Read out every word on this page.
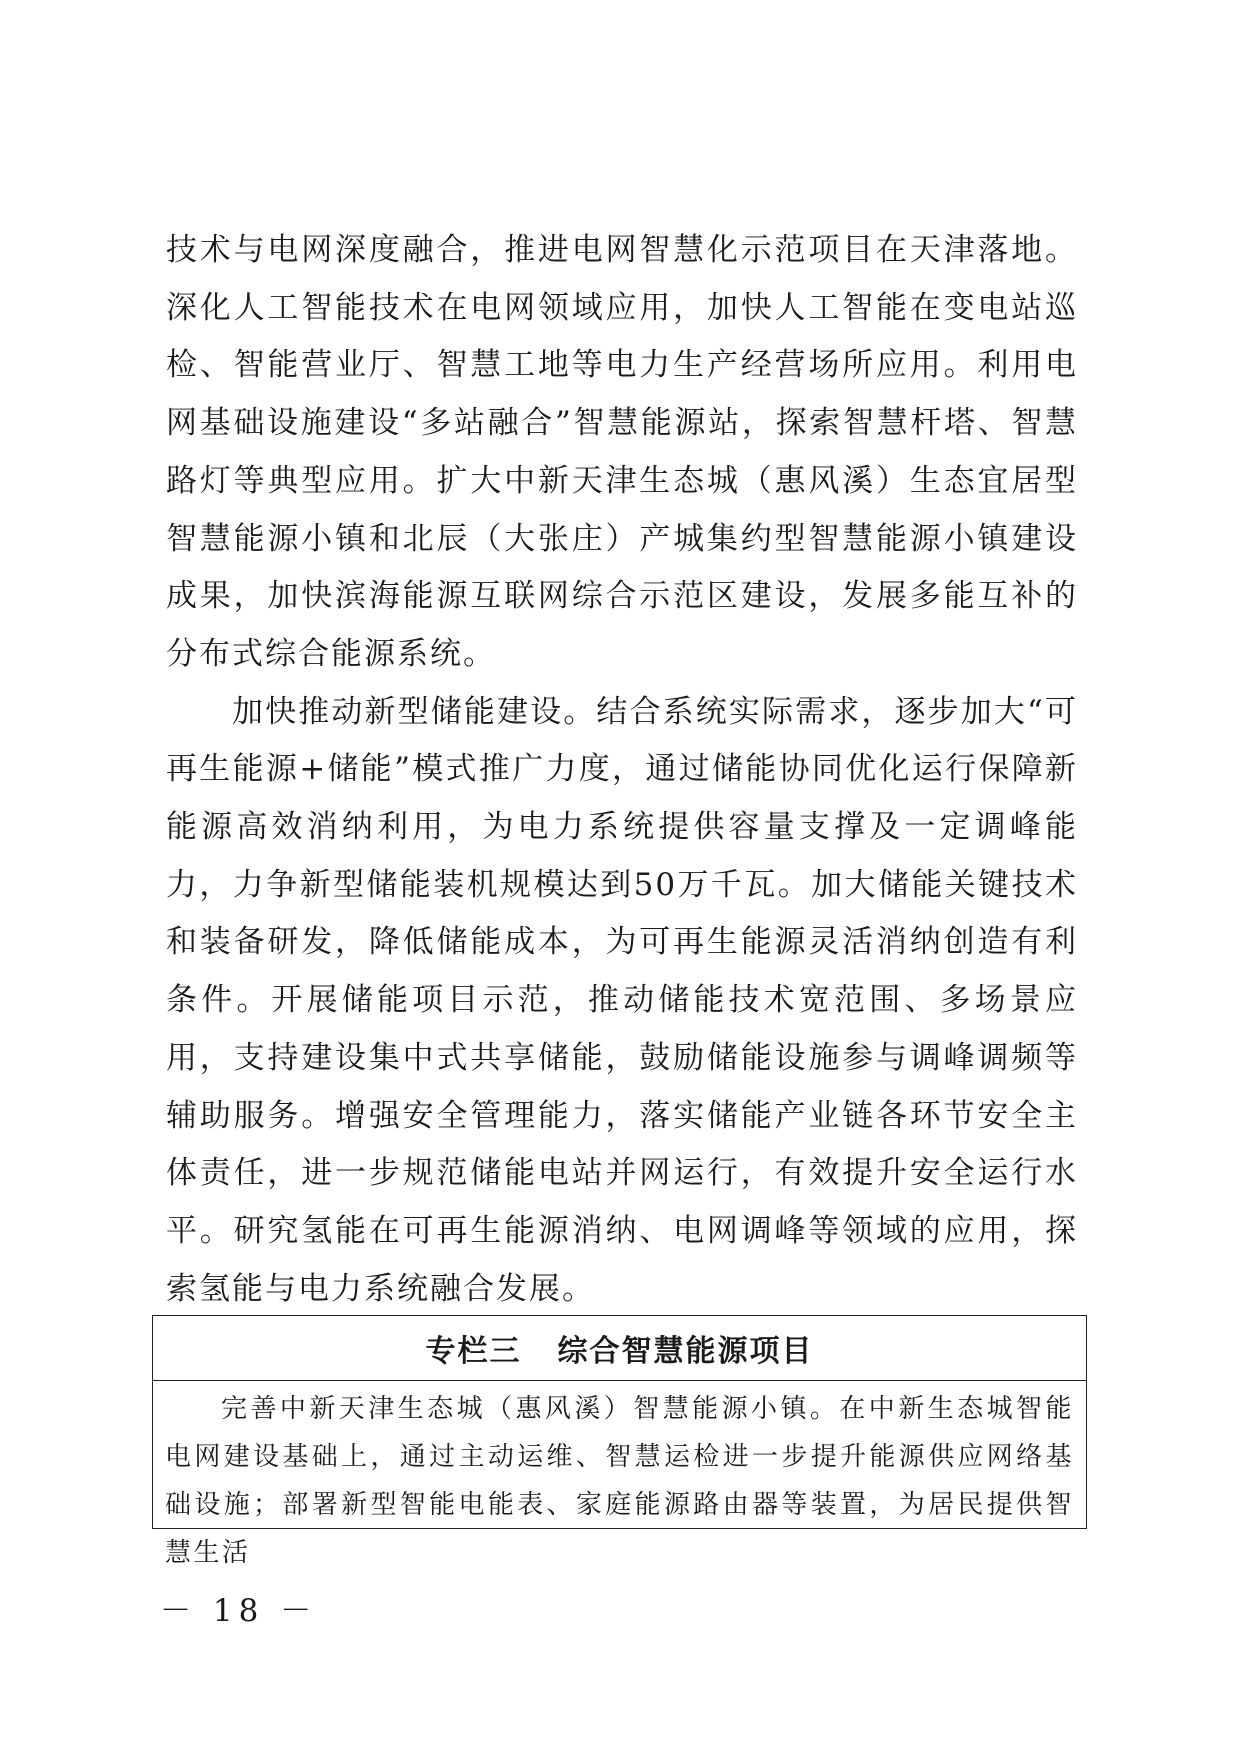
技术与电网深度融合，推进电网智慧化示范项目在天津落地。深化人工智能技术在电网领域应用，加快人工智能在变电站巡检、智能营业厅、智慧工地等电力生产经营场所应用。利用电网基础设施建设“多站融合”智慧能源站，探索智慧杆塔、智慧路灯等典型应用。扩大中新天津生态城（惠风溪）生态宜居型智慧能源小镇和北辰（大张庄）产城集约型智慧能源小镇建设成果，加快滨海能源互联网综合示范区建设，发展多能互补的分布式综合能源系统。

加快推动新型储能建设。结合系统实际需求，逐步加大“可再生能源+储能”模式推广力度，通过储能协同优化运行保障新能源高效消纳利用，为电力系统提供容量支撑及一定调峰能力，力争新型储能装机规模达到50万千瓦。加大储能关键技术和装备研发，降低储能成本，为可再生能源灵活消纳创造有利条件。开展储能项目示范，推动储能技术宽范围、多场景应用，支持建设集中式共享储能，鼓励储能设施参与调峰调频等辅助服务。增强安全管理能力，落实储能产业链各环节安全主体责任，进一步规范储能电站并网运行，有效提升安全运行水平。研究氢能在可再生能源消纳、电网调峰等领域的应用，探索氢能与电力系统融合发展。

专栏三 综合智慧能源项目

完善中新天津生态城（惠风溪）智慧能源小镇。在中新生态城智能电网建设基础上，通过主动运维、智慧运检进一步提升能源供应网络基础设施；部署新型智能电能表、家庭能源路由器等装置，为居民提供智慧生活

－ 18 －
